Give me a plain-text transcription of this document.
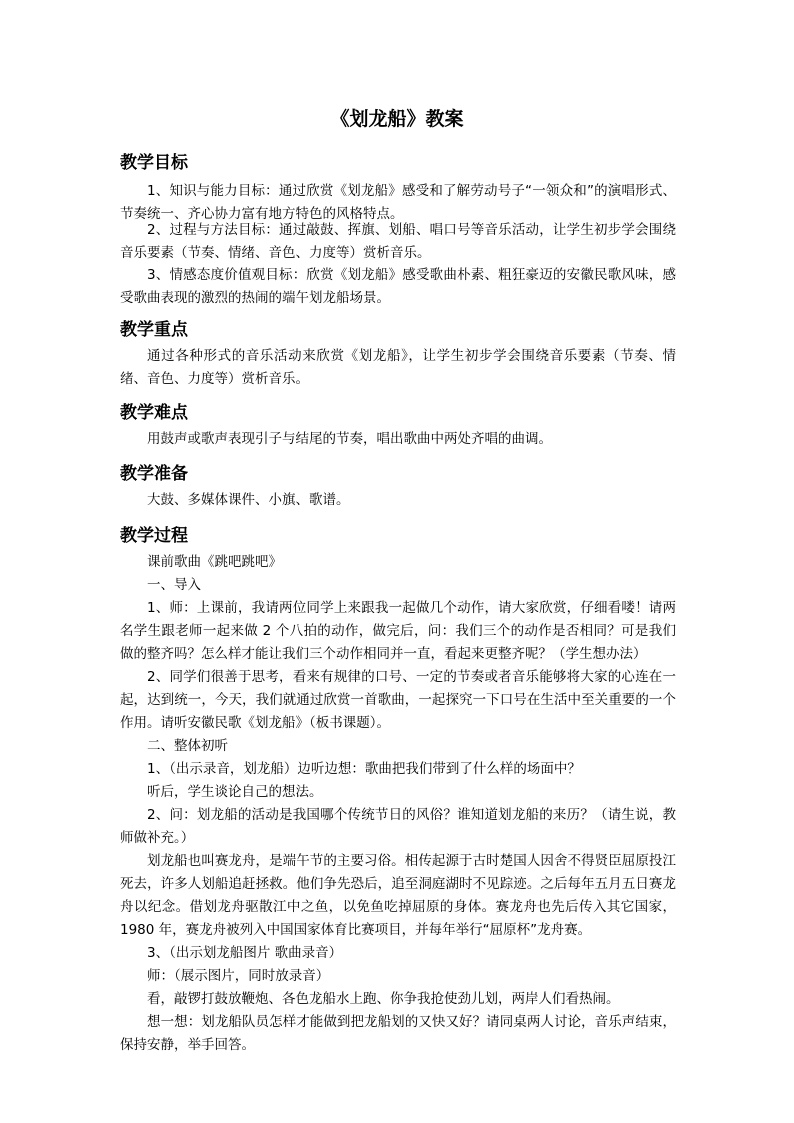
《划龙船》教案
教学目标

1、知识与能力目标：通过欣赏《划龙船》感受和了解劳动号子“一领众和”的演唱形式、节奏统一、齐心协力富有地方特色的风格特点。

2、过程与方法目标：通过敲鼓、挥旗、划船、唱口号等音乐活动，让学生初步学会围绕音乐要素（节奏、情绪、音色、力度等）赏析音乐。

3、情感态度价值观目标：欣赏《划龙船》感受歌曲朴素、粗狂豪迈的安徽民歌风味，感受歌曲表现的激烈的热闹的端午划龙船场景。

教学重点

通过各种形式的音乐活动来欣赏《划龙船》，让学生初步学会围绕音乐要素（节奏、情绪、音色、力度等）赏析音乐。

教学难点

用鼓声或歌声表现引子与结尾的节奏，唱出歌曲中两处齐唱的曲调。

教学准备

大鼓、多媒体课件、小旗、歌谱。

教学过程
课前歌曲《跳吧跳吧》
一、导入

1、师：上课前，我请两位同学上来跟我一起做几个动作，请大家欣赏，仔细看喽！请两名学生跟老师一起来做 2 个八拍的动作，做完后，问：我们三个的动作是否相同？可是我们做的整齐吗？怎么样才能让我们三个动作相同并一直，看起来更整齐呢？（学生想办法）

2、同学们很善于思考，看来有规律的口号、一定的节奏或者音乐能够将大家的心连在一起，达到统一，今天，我们就通过欣赏一首歌曲，一起探究一下口号在生活中至关重要的一个作用。请听安徽民歌《划龙船》（板书课题）。

二、整体初听

1、（出示录音，划龙船）边听边想：歌曲把我们带到了什么样的场面中？

听后，学生谈论自己的想法。

2、问：划龙船的活动是我国哪个传统节日的风俗？谁知道划龙船的来历？（请生说，教师做补充。）

划龙船也叫赛龙舟，是端午节的主要习俗。相传起源于古时楚国人因舍不得贤臣屈原投江死去，许多人划船追赶拯救。他们争先恐后，追至洞庭湖时不见踪迹。之后每年五月五日赛龙舟以纪念。借划龙舟驱散江中之鱼，以免鱼吃掉屈原的身体。赛龙舟也先后传入其它国家，1980 年，赛龙舟被列入中国国家体育比赛项目，并每年举行“屈原杯”龙舟赛。

3、（出示划龙船图片 歌曲录音）

师：（展示图片，同时放录音）

看，敲锣打鼓放鞭炮、各色龙船水上跑、你争我抢使劲儿划，两岸人们看热闹。

想一想：划龙船队员怎样才能做到把龙船划的又快又好？请同桌两人讨论，音乐声结束，保持安静，举手回答。
